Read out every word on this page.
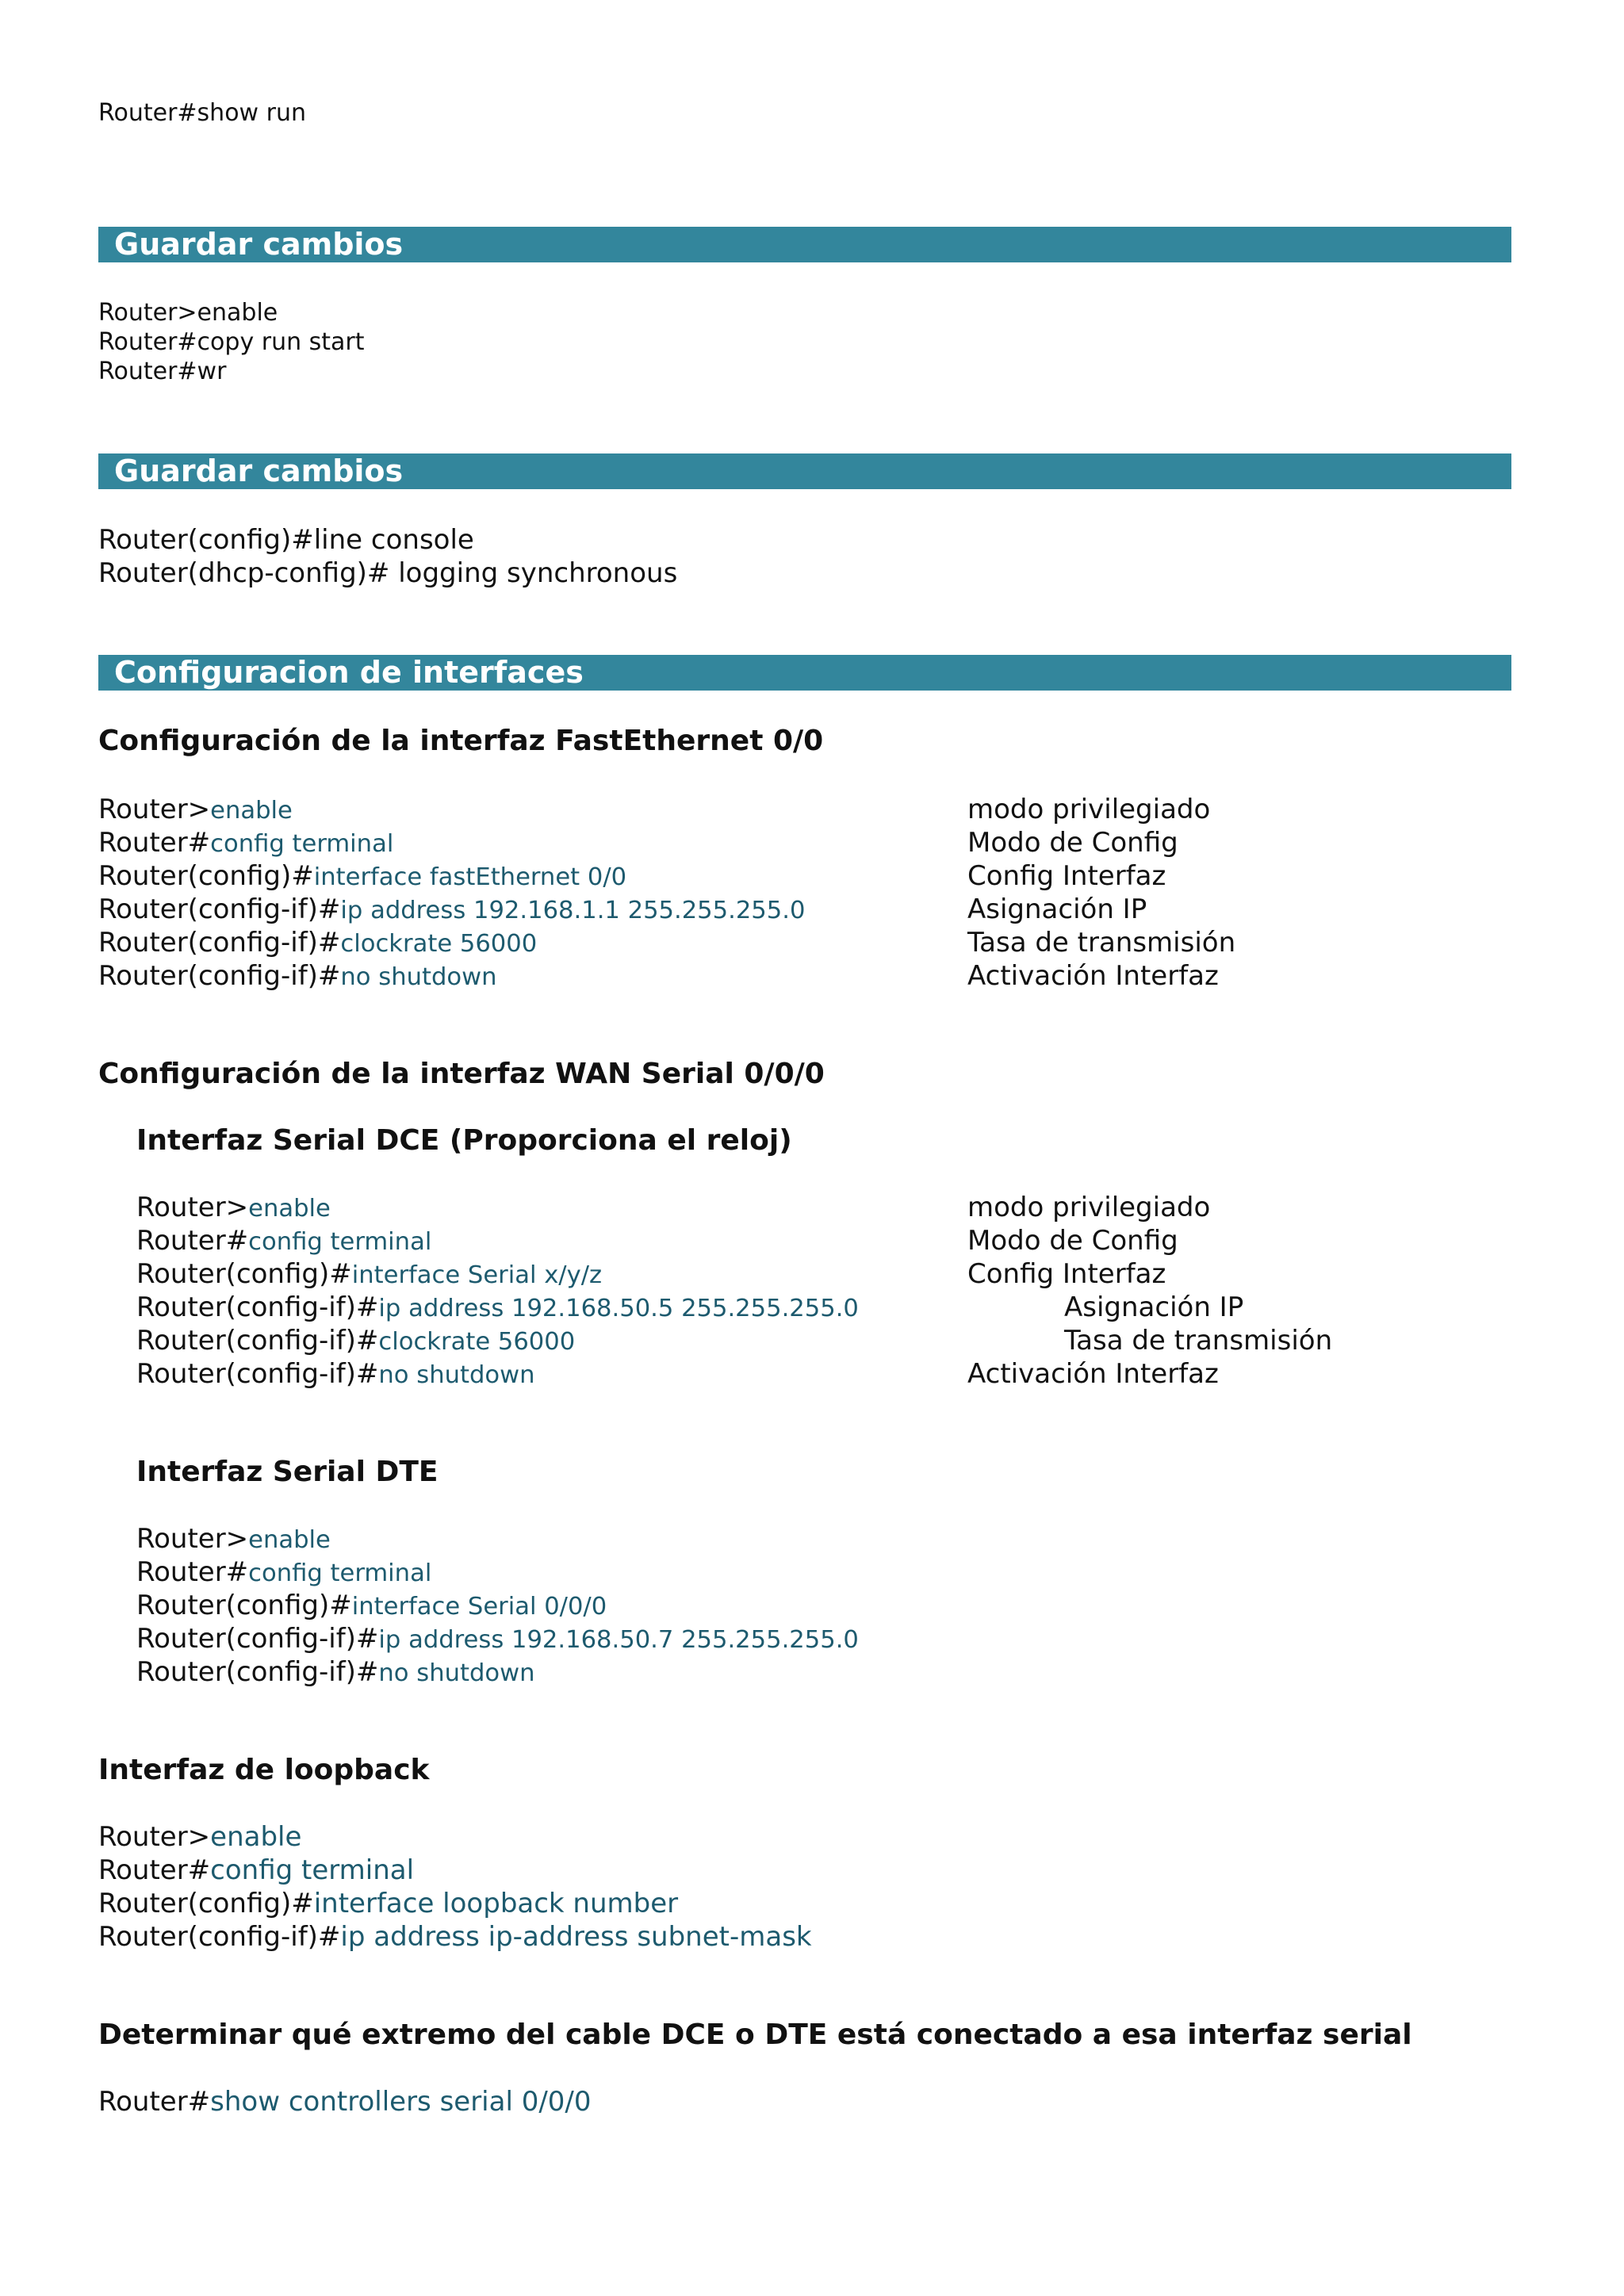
Router#show run
Guardar cambios
Router>enable
Router#copy run start
Router#wr
Guardar cambios
Router(config)#line console
Router(dhcp-config)# logging synchronous
Configuracion de interfaces
Configuración de la interfaz FastEthernet 0/0
Router>enable
Router#config terminal
Router(config)#interface fastEthernet 0/0
Router(config-if)#ip address 192.168.1.1 255.255.255.0
Router(config-if)#clockrate 56000
Router(config-if)#no shutdown
modo privilegiado
Modo de Config
Config Interfaz
Asignación IP
Tasa de transmisión
Activación Interfaz
Configuración de la interfaz WAN Serial 0/0/0
Interfaz Serial DCE (Proporciona el reloj)
Router>enable
Router#config terminal
Router(config)#interface Serial x/y/z
Router(config-if)#ip address 192.168.50.5 255.255.255.0
Router(config-if)#clockrate 56000
Router(config-if)#no shutdown
modo privilegiado
Modo de Config
Config Interfaz
Asignación IP
Tasa de transmisión
Activación Interfaz
Interfaz Serial DTE
Router>enable
Router#config terminal
Router(config)#interface Serial 0/0/0
Router(config-if)#ip address 192.168.50.7 255.255.255.0
Router(config-if)#no shutdown
Interfaz de loopback
Router>enable
Router#config terminal
Router(config)#interface loopback number
Router(config-if)#ip address ip-address subnet-mask
Determinar qué extremo del cable DCE o DTE está conectado a esa interfaz serial
Router#show controllers serial 0/0/0
